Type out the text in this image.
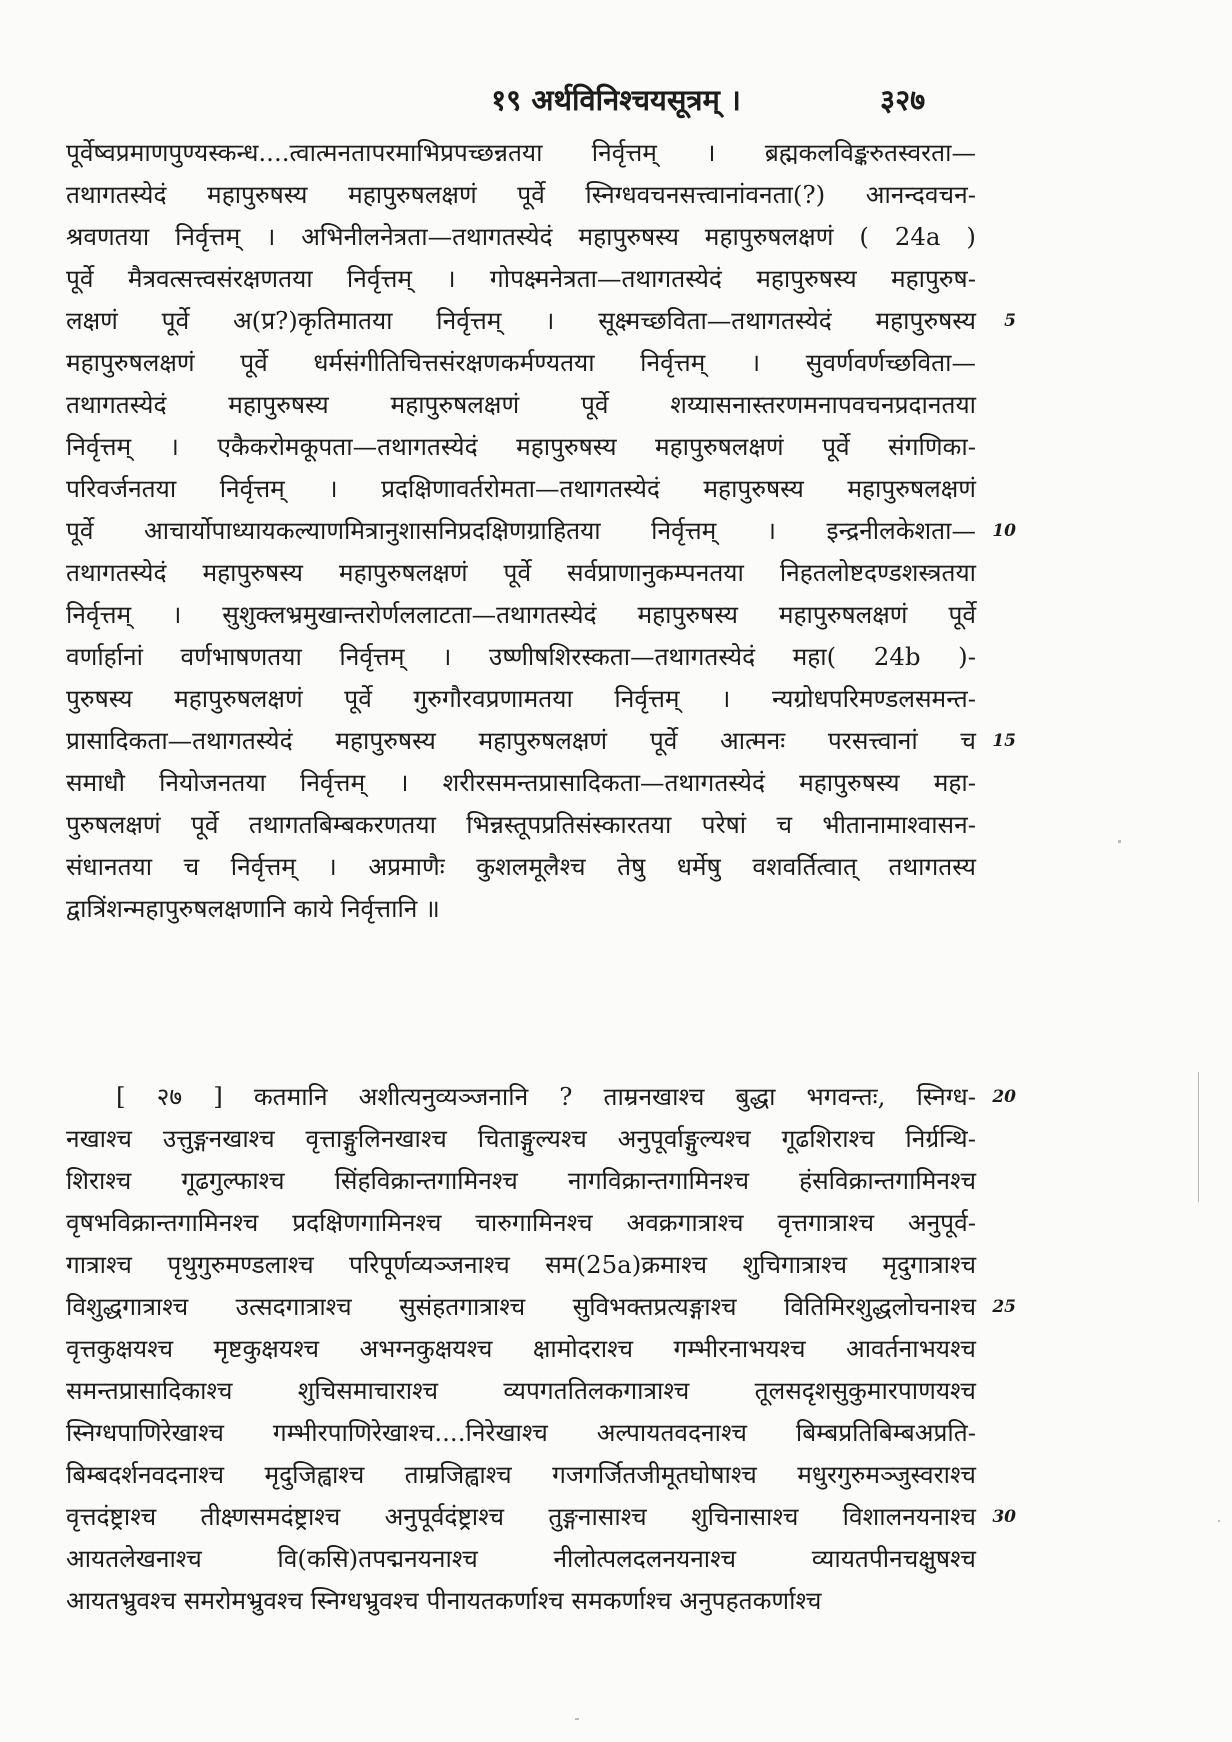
१९ अर्थविनिश्चयसूत्रम् ।	३२७
पूर्वेष्वप्रमाणपुण्यस्कन्ध....त्वात्मनतापरमाभिप्रपच्छन्नतया निर्वृत्तम् । ब्रह्मकलविङ्करुतस्वरता—
तथागतस्येदं महापुरुषस्य महापुरुषलक्षणं पूर्वे स्निग्धवचनसत्त्वानांवनता(?) आनन्दवचन-
श्रवणतया निर्वृत्तम् । अभिनीलनेत्रता—तथागतस्येदं महापुरुषस्य महापुरुषलक्षणं ( 24a )
पूर्वे मैत्रवत्सत्त्वसंरक्षणतया निर्वृत्तम् । गोपक्ष्मनेत्रता—तथागतस्येदं महापुरुषस्य महापुरुष-
लक्षणं पूर्वे अ(प्र?)कृतिमातया निर्वृत्तम् । सूक्ष्मच्छविता—तथागतस्येदं महापुरुषस्य 5
महापुरुषलक्षणं पूर्वे धर्मसंगीतिचित्तसंरक्षणकर्मण्यतया निर्वृत्तम् । सुवर्णवर्णच्छविता—
तथागतस्येदं महापुरुषस्य महापुरुषलक्षणं पूर्वे शय्यासनास्तरणमनापवचनप्रदानतया
निर्वृत्तम् । एकैकरोमकूपता—तथागतस्येदं महापुरुषस्य महापुरुषलक्षणं पूर्वे संगणिका-
परिवर्जनतया निर्वृत्तम् । प्रदक्षिणावर्तरोमता—तथागतस्येदं महापुरुषस्य महापुरुषलक्षणं
पूर्वे आचार्योपाध्यायकल्याणमित्रानुशासनिप्रदक्षिणग्राहितया निर्वृत्तम् । इन्द्रनीलकेशता— 10
तथागतस्येदं महापुरुषस्य महापुरुषलक्षणं पूर्वे सर्वप्राणानुकम्पनतया निहतलोष्टदण्डशस्त्रतया
निर्वृत्तम् । सुशुक्लभ्रमुखान्तरोर्णललाटता—तथागतस्येदं महापुरुषस्य महापुरुषलक्षणं पूर्वे
वर्णार्हानां वर्णभाषणतया निर्वृत्तम् । उष्णीषशिरस्कता—तथागतस्येदं महा( 24b )-
पुरुषस्य महापुरुषलक्षणं पूर्वे गुरुगौरवप्रणामतया निर्वृत्तम् । न्यग्रोधपरिमण्डलसमन्त-
प्रासादिकता—तथागतस्येदं महापुरुषस्य महापुरुषलक्षणं पूर्वे आत्मनः परसत्त्वानां च 15
समाधौ नियोजनतया निर्वृत्तम् । शरीरसमन्तप्रासादिकता—तथागतस्येदं महापुरुषस्य महा-
पुरुषलक्षणं पूर्वे तथागतबिम्बकरणतया भिन्नस्तूपप्रतिसंस्कारतया परेषां च भीतानामाश्वासन-
संधानतया च निर्वृत्तम् । अप्रमाणैः कुशलमूलैश्च तेषु धर्मेषु वशवर्तित्वात् तथागतस्य
द्वात्रिंशन्महापुरुषलक्षणानि काये निर्वृत्तानि ॥
[ २७ ] कतमानि अशीत्यनुव्यञ्जनानि ? ताम्रनखाश्च बुद्धा भगवन्तः, स्निग्ध- 20
नखाश्च उत्तुङ्गनखाश्च वृत्ताङ्गुलिनखाश्च चिताङ्गुल्यश्च अनुपूर्वाङ्गुल्यश्च गूढशिराश्च निर्ग्रन्थि-
शिराश्च गूढगुल्फाश्च सिंहविक्रान्तगामिनश्च नागविक्रान्तगामिनश्च हंसविक्रान्तगामिनश्च
वृषभविक्रान्तगामिनश्च प्रदक्षिणगामिनश्च चारुगामिनश्च अवक्रगात्राश्च वृत्तगात्राश्च अनुपूर्व-
गात्राश्च पृथुगुरुमण्डलाश्च परिपूर्णव्यञ्जनाश्च सम(25a)क्रमाश्च शुचिगात्राश्च मृदुगात्राश्च
विशुद्धगात्राश्च उत्सदगात्राश्च सुसंहतगात्राश्च सुविभक्तप्रत्यङ्गाश्च वितिमिरशुद्धलोचनाश्च 25
वृत्तकुक्षयश्च मृष्टकुक्षयश्च अभग्नकुक्षयश्च क्षामोदराश्च गम्भीरनाभयश्च आवर्तनाभयश्च
समन्तप्रासादिकाश्च शुचिसमाचाराश्च व्यपगततिलकगात्राश्च तूलसदृशसुकुमारपाणयश्च
स्निग्धपाणिरेखाश्च गम्भीरपाणिरेखाश्च....निरेखाश्च अल्पायतवदनाश्च बिम्बप्रतिबिम्बअप्रति-
बिम्बदर्शनवदनाश्च मृदुजिह्वाश्च ताम्रजिह्वाश्च गजगर्जितजीमूतघोषाश्च मधुरगुरुमञ्जुस्वराश्च
वृत्तदंष्ट्राश्च तीक्ष्णसमदंष्ट्राश्च अनुपूर्वदंष्ट्राश्च तुङ्गनासाश्च शुचिनासाश्च विशालनयनाश्च 30
आयतलेखनाश्च वि(कसि)तपद्मनयनाश्च नीलोत्पलदलनयनाश्च व्यायतपीनचक्षुषश्च
आयतभ्रुवश्च समरोमभ्रुवश्च स्निग्धभ्रुवश्च पीनायतकर्णाश्च समकर्णाश्च अनुपहतकर्णाश्च
